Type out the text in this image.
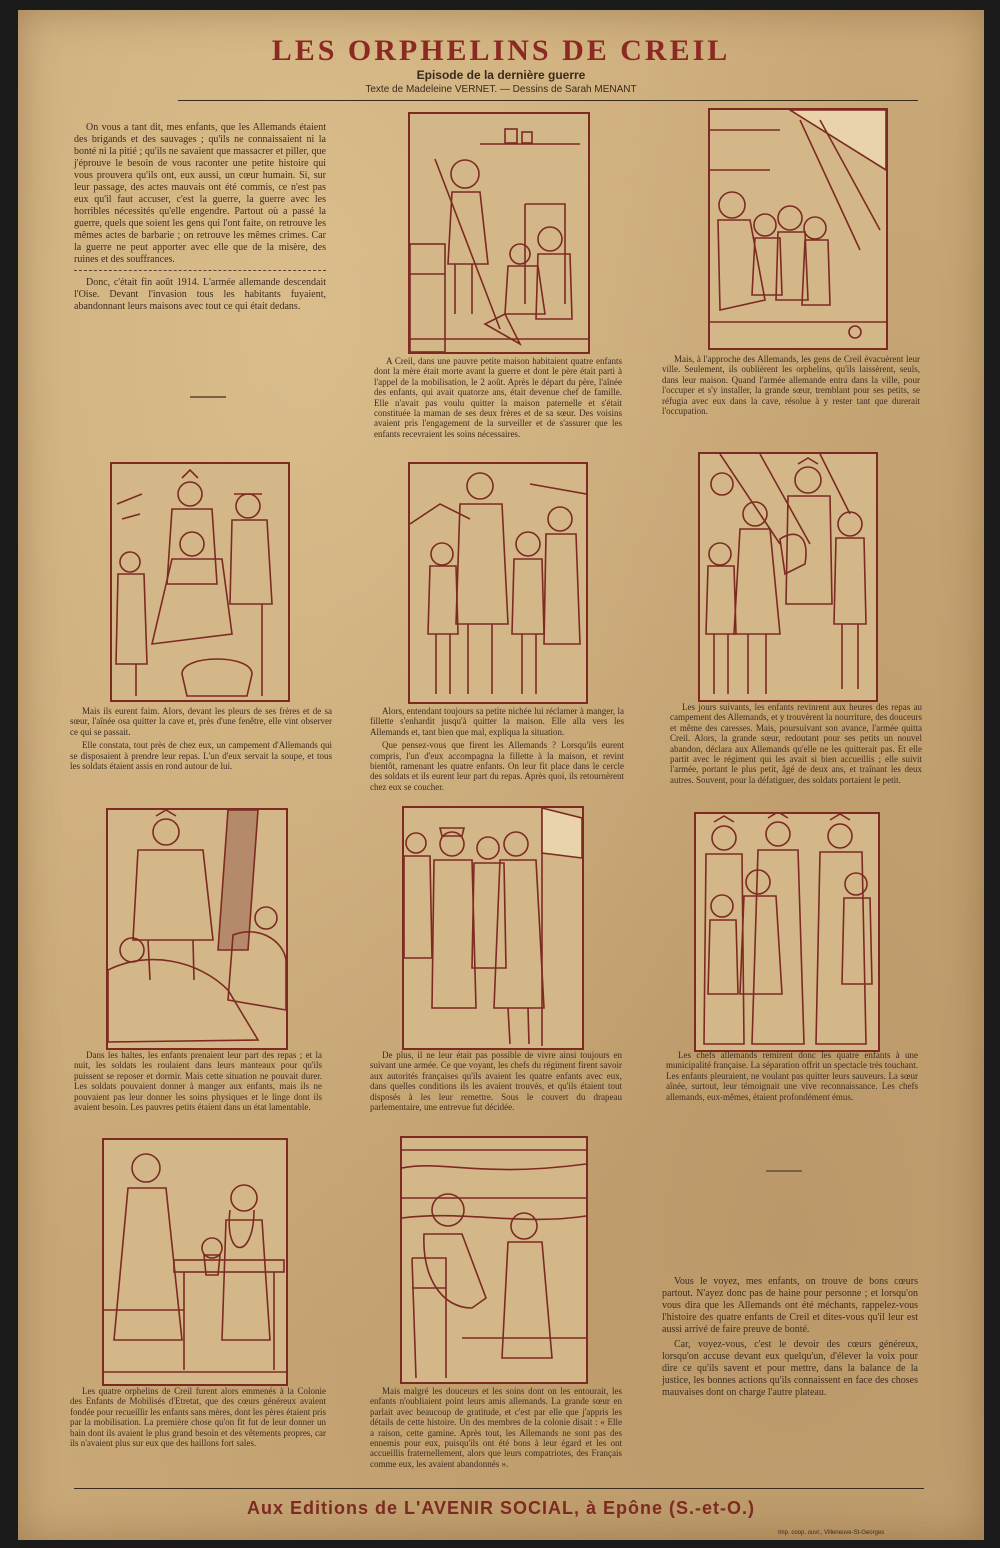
LES ORPHELINS DE CREIL
Episode de la dernière guerre
Texte de Madeleine VERNET. — Dessins de Sarah MENANT

On vous a tant dit, mes enfants, que les Allemands étaient des brigands et des sauvages ; qu'ils ne connaissaient ni la bonté ni la pitié ; qu'ils ne savaient que massacrer et piller, que j'éprouve le besoin de vous raconter une petite histoire qui vous prouvera qu'ils ont, eux aussi, un cœur humain. Si, sur leur passage, des actes mauvais ont été commis, ce n'est pas eux qu'il faut accuser, c'est la guerre, la guerre avec les horribles nécessités qu'elle engendre. Partout où a passé la guerre, quels que soient les gens qui l'ont faite, on retrouve les mêmes actes de barbarie ; on retrouve les mêmes crimes. Car la guerre ne peut apporter avec elle que de la misère, des ruines et des souffrances.

Donc, c'était fin août 1914. L'armée allemande descendait l'Oise. Devant l'invasion tous les habitants fuyaient, abandonnant leurs maisons avec tout ce qui était dedans.

A Creil, dans une pauvre petite maison habitaient quatre enfants dont la mère était morte avant la guerre et dont le père était parti à l'appel de la mobilisation, le 2 août. Après le départ du père, l'aînée des enfants, qui avait quatorze ans, était devenue chef de famille. Elle n'avait pas voulu quitter la maison paternelle et s'était constituée la maman de ses deux frères et de sa sœur. Des voisins avaient pris l'engagement de la surveiller et de s'assurer que les enfants recevraient les soins nécessaires.

Mais, à l'approche des Allemands, les gens de Creil évacuèrent leur ville. Seulement, ils oublièrent les orphelins, qu'ils laissèrent, seuls, dans leur maison. Quand l'armée allemande entra dans la ville, pour l'occuper et s'y installer, la grande sœur, tremblant pour ses petits, se réfugia avec eux dans la cave, résolue à y rester tant que durerait l'occupation.

Mais ils eurent faim. Alors, devant les pleurs de ses frères et de sa sœur, l'aînée osa quitter la cave et, près d'une fenêtre, elle vint observer ce qui se passait.

Elle constata, tout près de chez eux, un campement d'Allemands qui se disposaient à prendre leur repas. L'un d'eux servait la soupe, et tous les soldats étaient assis en rond autour de lui.

Alors, entendant toujours sa petite nichée lui réclamer à manger, la fillette s'enhardit jusqu'à quitter la maison. Elle alla vers les Allemands et, tant bien que mal, expliqua la situation.

Que pensez-vous que firent les Allemands ? Lorsqu'ils eurent compris, l'un d'eux accompagna la fillette à la maison, et revint bientôt, ramenant les quatre enfants. On leur fit place dans le cercle des soldats et ils eurent leur part du repas. Après quoi, ils retournèrent chez eux se coucher.

Les jours suivants, les enfants revinrent aux heures des repas au campement des Allemands, et y trouvèrent la nourriture, des douceurs et même des caresses. Mais, poursuivant son avance, l'armée quitta Creil. Alors, la grande sœur, redoutant pour ses petits un nouvel abandon, déclara aux Allemands qu'elle ne les quitterait pas. Et elle partit avec le régiment qui les avait si bien accueillis ; elle suivit l'armée, portant le plus petit, âgé de deux ans, et traînant les deux autres. Souvent, pour la défatiguer, des soldats portaient le petit.

Dans les haltes, les enfants prenaient leur part des repas ; et la nuit, les soldats les roulaient dans leurs manteaux pour qu'ils puissent se reposer et dormir. Mais cette situation ne pouvait durer. Les soldats pouvaient donner à manger aux enfants, mais ils ne pouvaient pas leur donner les soins physiques et le linge dont ils avaient besoin. Les pauvres petits étaient dans un état lamentable.

De plus, il ne leur était pas possible de vivre ainsi toujours en suivant une armée. Ce que voyant, les chefs du régiment firent savoir aux autorités françaises qu'ils avaient les quatre enfants avec eux, dans quelles conditions ils les avaient trouvés, et qu'ils étaient tout disposés à les leur remettre. Sous le couvert du drapeau parlementaire, une entrevue fut décidée.

Les chefs allemands remirent donc les quatre enfants à une municipalité française. La séparation offrit un spectacle très touchant. Les enfants pleuraient, ne voulant pas quitter leurs sauveurs. La sœur aînée, surtout, leur témoignait une vive reconnaissance. Les chefs allemands, eux-mêmes, étaient profondément émus.

Les quatre orphelins de Creil furent alors emmenés à la Colonie des Enfants de Mobilisés d'Etretat, que des cœurs généreux avaient fondée pour recueillir les enfants sans mères, dont les pères étaient pris par la mobilisation. La première chose qu'on fit fut de leur donner un bain dont ils avaient le plus grand besoin et des vêtements propres, car ils n'avaient plus sur eux que des haillons fort sales.

Mais malgré les douceurs et les soins dont on les entourait, les enfants n'oubliaient point leurs amis allemands. La grande sœur en parlait avec beaucoup de gratitude, et c'est par elle que j'appris les détails de cette histoire. Un des membres de la colonie disait : « Elle a raison, cette gamine. Après tout, les Allemands ne sont pas des ennemis pour eux, puisqu'ils ont été bons à leur égard et les ont accueillis fraternellement, alors que leurs compatriotes, des Français comme eux, les avaient abandonnés ».

Vous le voyez, mes enfants, on trouve de bons cœurs partout. N'ayez donc pas de haine pour personne ; et lorsqu'on vous dira que les Allemands ont été méchants, rappelez-vous l'histoire des quatre enfants de Creil et dites-vous qu'il leur est aussi arrivé de faire preuve de bonté.

Car, voyez-vous, c'est le devoir des cœurs généreux, lorsqu'on accuse devant eux quelqu'un, d'élever la voix pour dire ce qu'ils savent et pour mettre, dans la balance de la justice, les bonnes actions qu'ils connaissent en face des choses mauvaises dont on charge l'autre plateau.

Aux Editions de L'AVENIR SOCIAL, à Epône (S.-et-O.)
Imp. coop. ouvr., Villeneuve-St-Georges
